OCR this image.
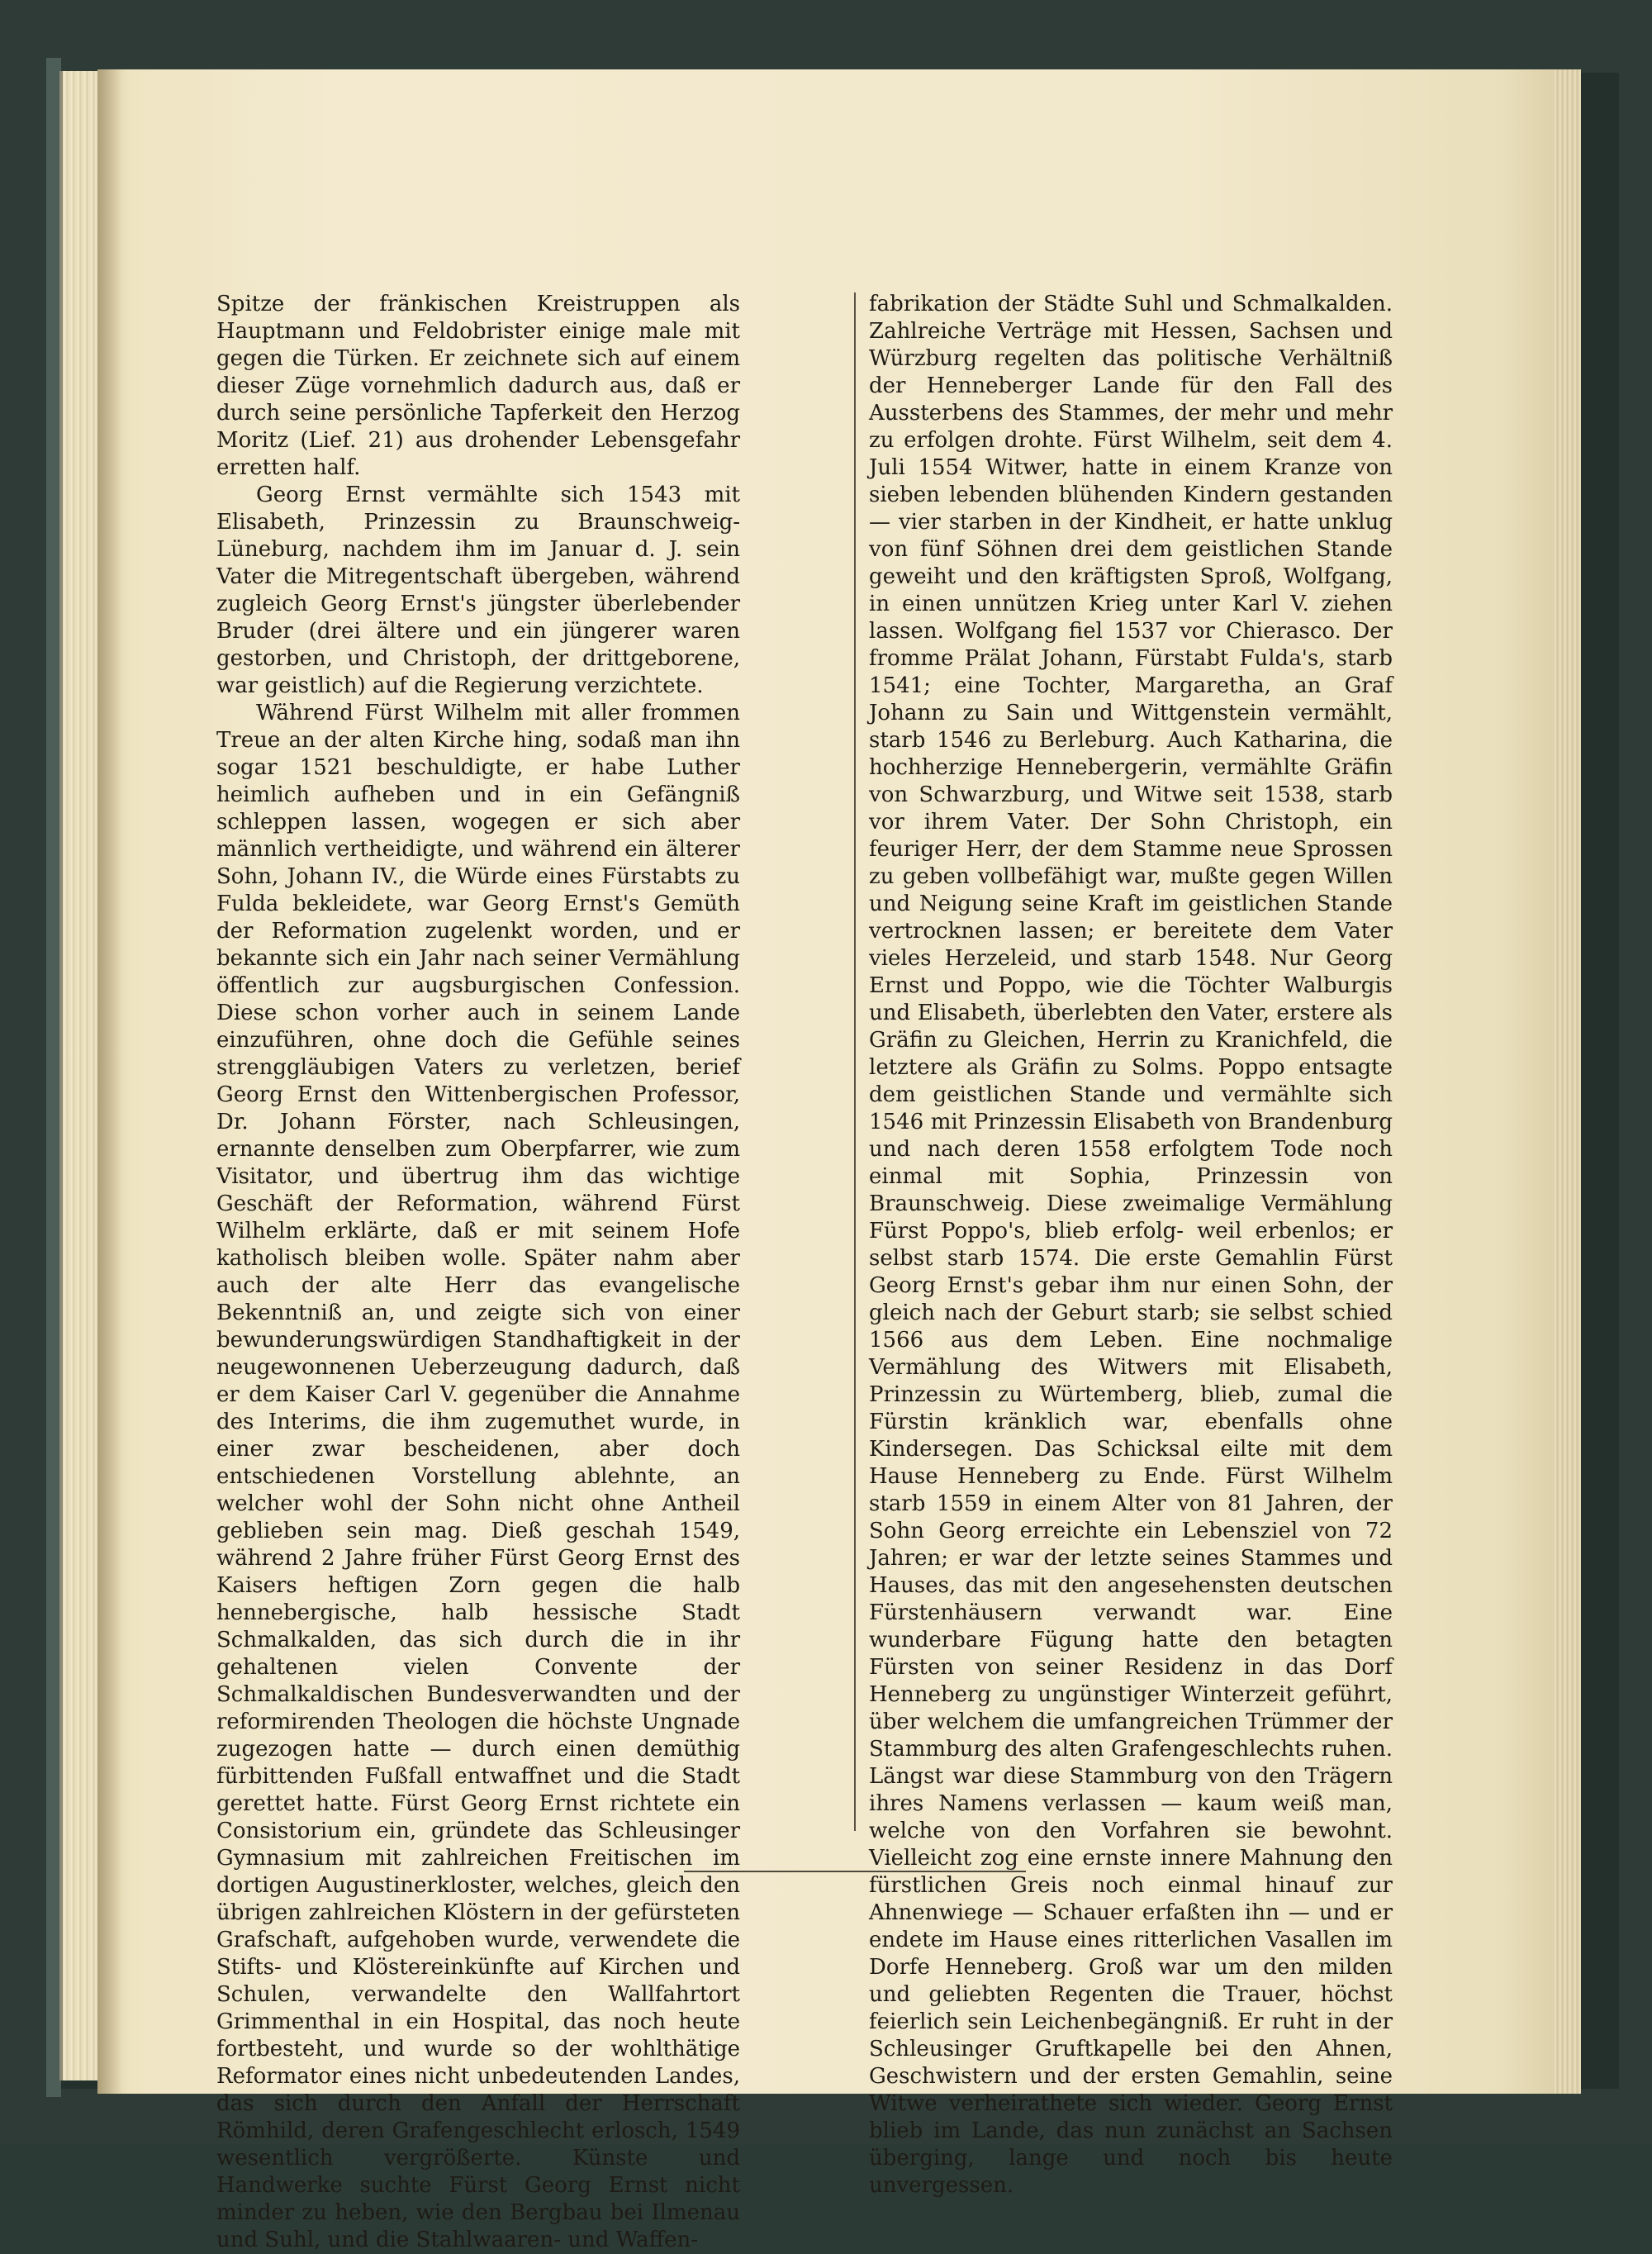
Spitze der fränkischen Kreistruppen als Hauptmann und Feldobrister einige male mit gegen die Türken. Er zeichnete sich auf einem dieser Züge vornehmlich dadurch aus, daß er durch seine persönliche Tapferkeit den Herzog Moritz (Lief. 21) aus drohender Lebensgefahr erretten half.

Georg Ernst vermählte sich 1543 mit Elisabeth, Prinzessin zu Braunschweig-Lüneburg, nachdem ihm im Januar d. J. sein Vater die Mitregentschaft übergeben, während zugleich Georg Ernst's jüngster überlebender Bruder (drei ältere und ein jüngerer waren gestorben, und Christoph, der drittgeborene, war geistlich) auf die Regierung verzichtete.

Während Fürst Wilhelm mit aller frommen Treue an der alten Kirche hing, sodaß man ihn sogar 1521 beschuldigte, er habe Luther heimlich aufheben und in ein Gefängniß schleppen lassen, wogegen er sich aber männlich vertheidigte, und während ein älterer Sohn, Johann IV., die Würde eines Fürstabts zu Fulda bekleidete, war Georg Ernst's Gemüth der Reformation zugelenkt worden, und er bekannte sich ein Jahr nach seiner Vermählung öffentlich zur augsburgischen Confession. Diese schon vorher auch in seinem Lande einzuführen, ohne doch die Gefühle seines strenggläubigen Vaters zu verletzen, berief Georg Ernst den Wittenbergischen Professor, Dr. Johann Förster, nach Schleusingen, ernannte denselben zum Oberpfarrer, wie zum Visitator, und übertrug ihm das wichtige Geschäft der Reformation, während Fürst Wilhelm erklärte, daß er mit seinem Hofe katholisch bleiben wolle. Später nahm aber auch der alte Herr das evangelische Bekenntniß an, und zeigte sich von einer bewunderungswürdigen Standhaftigkeit in der neugewonnenen Ueberzeugung dadurch, daß er dem Kaiser Carl V. gegenüber die Annahme des Interims, die ihm zugemuthet wurde, in einer zwar bescheidenen, aber doch entschiedenen Vorstellung ablehnte, an welcher wohl der Sohn nicht ohne Antheil geblieben sein mag. Dieß geschah 1549, während 2 Jahre früher Fürst Georg Ernst des Kaisers heftigen Zorn gegen die halb hennebergische, halb hessische Stadt Schmalkalden, das sich durch die in ihr gehaltenen vielen Convente der Schmalkaldischen Bundesverwandten und der reformirenden Theologen die höchste Ungnade zugezogen hatte — durch einen demüthig fürbittenden Fußfall entwaffnet und die Stadt gerettet hatte. Fürst Georg Ernst richtete ein Consistorium ein, gründete das Schleusinger Gymnasium mit zahlreichen Freitischen im dortigen Augustinerkloster, welches, gleich den übrigen zahlreichen Klöstern in der gefürsteten Grafschaft, aufgehoben wurde, verwendete die Stifts- und Klöstereinkünfte auf Kirchen und Schulen, verwandelte den Wallfahrtort Grimmenthal in ein Hospital, das noch heute fortbesteht, und wurde so der wohlthätige Reformator eines nicht unbedeutenden Landes, das sich durch den Anfall der Herrschaft Römhild, deren Grafengeschlecht erlosch, 1549 wesentlich vergrößerte. Künste und Handwerke suchte Fürst Georg Ernst nicht minder zu heben, wie den Bergbau bei Ilmenau und Suhl, und die Stahlwaaren- und Waffen-

fabrikation der Städte Suhl und Schmalkalden. Zahlreiche Verträge mit Hessen, Sachsen und Würzburg regelten das politische Verhältniß der Henneberger Lande für den Fall des Aussterbens des Stammes, der mehr und mehr zu erfolgen drohte. Fürst Wilhelm, seit dem 4. Juli 1554 Witwer, hatte in einem Kranze von sieben lebenden blühenden Kindern gestanden — vier starben in der Kindheit, er hatte unklug von fünf Söhnen drei dem geistlichen Stande geweiht und den kräftigsten Sproß, Wolfgang, in einen unnützen Krieg unter Karl V. ziehen lassen. Wolfgang fiel 1537 vor Chierasco. Der fromme Prälat Johann, Fürstabt Fulda's, starb 1541; eine Tochter, Margaretha, an Graf Johann zu Sain und Wittgenstein vermählt, starb 1546 zu Berleburg. Auch Katharina, die hochherzige Hennebergerin, vermählte Gräfin von Schwarzburg, und Witwe seit 1538, starb vor ihrem Vater. Der Sohn Christoph, ein feuriger Herr, der dem Stamme neue Sprossen zu geben vollbefähigt war, mußte gegen Willen und Neigung seine Kraft im geistlichen Stande vertrocknen lassen; er bereitete dem Vater vieles Herzeleid, und starb 1548. Nur Georg Ernst und Poppo, wie die Töchter Walburgis und Elisabeth, überlebten den Vater, erstere als Gräfin zu Gleichen, Herrin zu Kranichfeld, die letztere als Gräfin zu Solms. Poppo entsagte dem geistlichen Stande und vermählte sich 1546 mit Prinzessin Elisabeth von Brandenburg und nach deren 1558 erfolgtem Tode noch einmal mit Sophia, Prinzessin von Braunschweig. Diese zweimalige Vermählung Fürst Poppo's, blieb erfolg- weil erbenlos; er selbst starb 1574. Die erste Gemahlin Fürst Georg Ernst's gebar ihm nur einen Sohn, der gleich nach der Geburt starb; sie selbst schied 1566 aus dem Leben. Eine nochmalige Vermählung des Witwers mit Elisabeth, Prinzessin zu Würtemberg, blieb, zumal die Fürstin kränklich war, ebenfalls ohne Kindersegen. Das Schicksal eilte mit dem Hause Henneberg zu Ende. Fürst Wilhelm starb 1559 in einem Alter von 81 Jahren, der Sohn Georg erreichte ein Lebensziel von 72 Jahren; er war der letzte seines Stammes und Hauses, das mit den angesehensten deutschen Fürstenhäusern verwandt war. Eine wunderbare Fügung hatte den betagten Fürsten von seiner Residenz in das Dorf Henneberg zu ungünstiger Winterzeit geführt, über welchem die umfangreichen Trümmer der Stammburg des alten Grafengeschlechts ruhen. Längst war diese Stammburg von den Trägern ihres Namens verlassen — kaum weiß man, welche von den Vorfahren sie bewohnt. Vielleicht zog eine ernste innere Mahnung den fürstlichen Greis noch einmal hinauf zur Ahnenwiege — Schauer erfaßten ihn — und er endete im Hause eines ritterlichen Vasallen im Dorfe Henneberg. Groß war um den milden und geliebten Regenten die Trauer, höchst feierlich sein Leichenbegängniß. Er ruht in der Schleusinger Gruftkapelle bei den Ahnen, Geschwistern und der ersten Gemahlin, seine Witwe verheirathete sich wieder. Georg Ernst blieb im Lande, das nun zunächst an Sachsen überging, lange und noch bis heute unvergessen.
